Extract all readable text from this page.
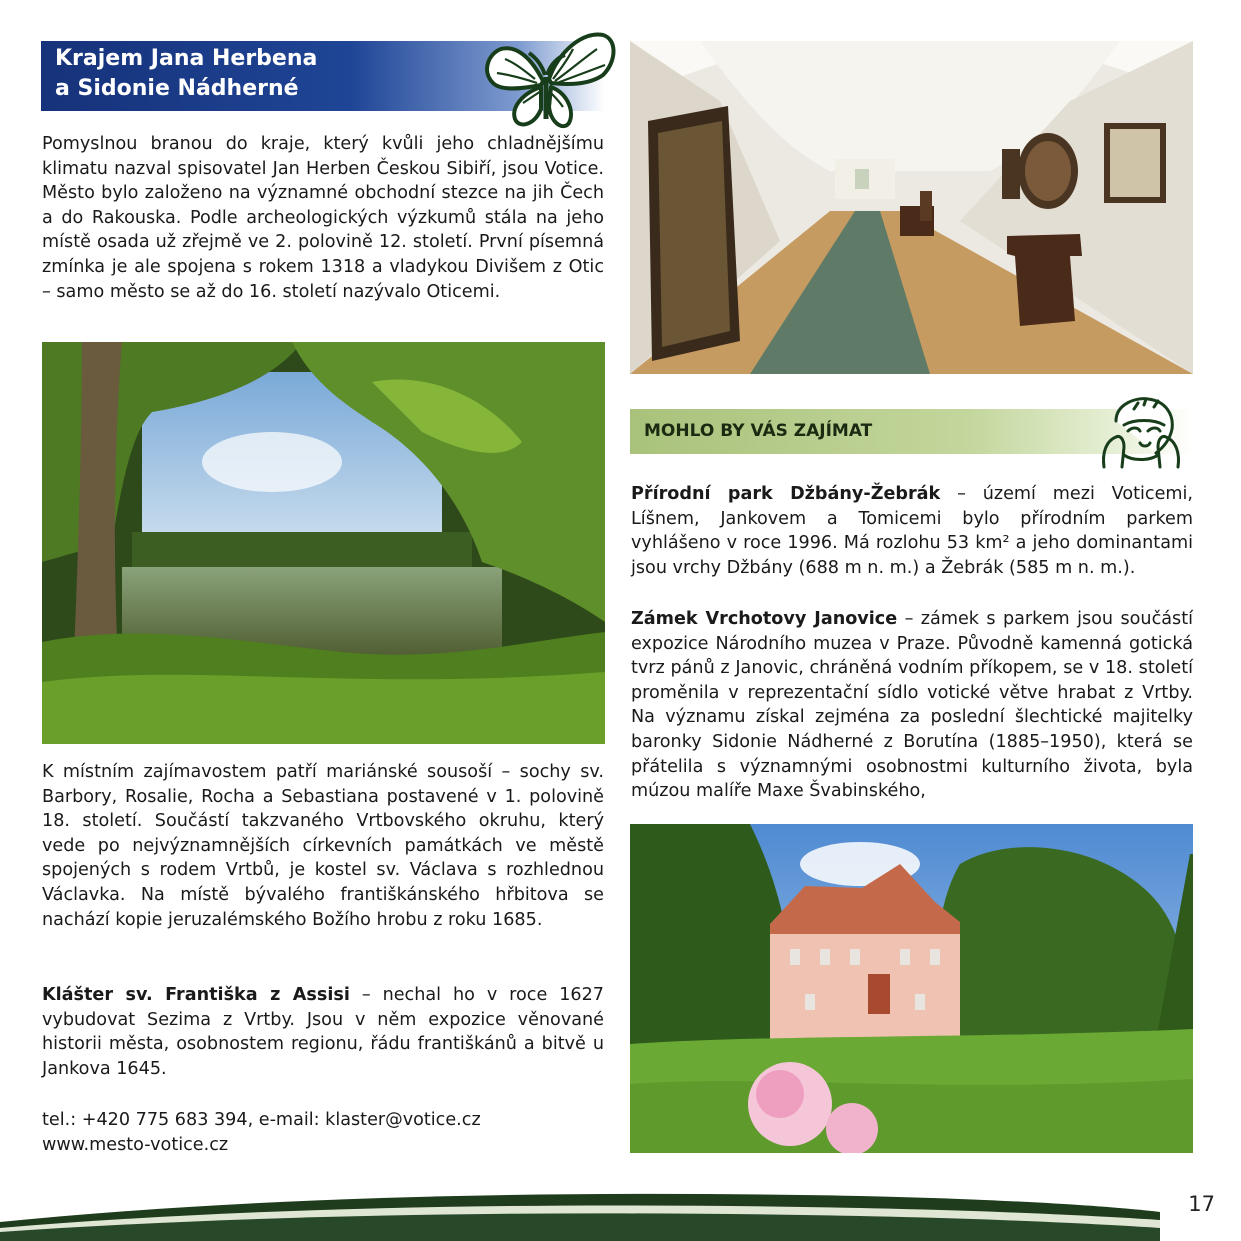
Krajem Jana Herbena
a Sidonie Nádherné

Pomyslnou branou do kraje, který kvůli jeho chladnějšímu klimatu nazval spisovatel Jan Herben Českou Sibiří, jsou Votice. Město bylo založeno na významné obchodní stezce na jih Čech a do Rakouska. Podle archeologických výzkumů stála na jeho místě osada už zřejmě ve 2. polovině 12. století. První písemná zmínka je ale spojena s rokem 1318 a vladykou Divišem z Otic – samo město se až do 16. století nazývalo Oticemi.

K místním zajímavostem patří mariánské sousoší – sochy sv. Barbory, Rosalie, Rocha a Sebastiana postavené v 1. polovině 18. století. Součástí takzvaného Vrtbovského okruhu, který vede po nejvýznamnějších církevních památkách ve městě spojených s rodem Vrtbů, je kostel sv. Václava s rozhlednou Václavka. Na místě bývalého františkánského hřbitova se nachází kopie jeruzalémského Božího hrobu z roku 1685.

Klášter sv. Františka z Assisi – nechal ho v roce 1627 vybudovat Sezima z Vrtby. Jsou v něm expozice věnované historii města, osobnostem regionu, řádu františkánů a bitvě u Jankova 1645.

tel.: +420 775 683 394, e-mail: klaster@votice.cz
www.mesto-votice.cz
MOHLO BY VÁS ZAJÍMAT

Přírodní park Džbány-Žebrák – území mezi Voticemi, Líšnem, Jankovem a Tomicemi bylo přírodním parkem vyhlášeno v roce 1996. Má rozlohu 53 km² a jeho dominantami jsou vrchy Džbány (688 m n. m.) a Žebrák (585 m n. m.).

Zámek Vrchotovy Janovice – zámek s parkem jsou součástí expozice Národního muzea v Praze. Původně kamenná gotická tvrz pánů z Janovic, chráněná vodním příkopem, se v 18. století proměnila v reprezentační sídlo votické větve hrabat z Vrtby. Na významu získal zejména za poslední šlechtické majitelky baronky Sidonie Nádherné z Borutína (1885–1950), která se přátelila s významnými osobnostmi kulturního života, byla múzou malíře Maxe Švabinského,

17
